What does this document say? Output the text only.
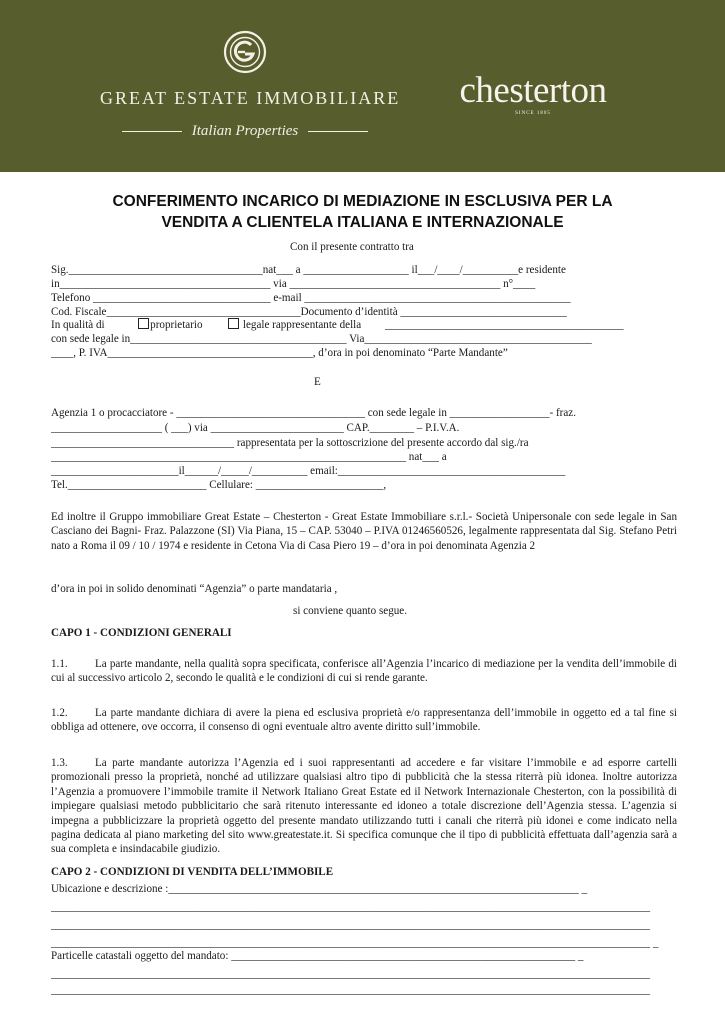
GREAT ESTATE IMMOBILIARE
Italian Properties
chesterton
SINCE 1805
CONFERIMENTO INCARICO DI MEDIAZIONE IN ESCLUSIVA PER LA
VENDITA A CLIENTELA ITALIANA E INTERNAZIONALE
Con il presente contratto tra
Sig.___________________________________nat___ a ___________________ il___/____/__________e residente
in______________________________________ via ______________________________________ n°____
Telefono ________________________________ e-mail ________________________________________________
Cod. Fiscale___________________________________Documento d’identità ______________________________
In qualità di	proprietario	legale rappresentante della ___________________________________________
con sede legale in_______________________________________ Via_________________________________________
____, P. IVA_____________________________________, d’ora in poi denominato “Parte Mandante”
E
Agenzia 1 o procacciatore - __________________________________ con sede legale in __________________- fraz.
____________________ ( ___) via ________________________ CAP.________ – P.I.V.A.
_________________________________ rappresentata per la sottoscrizione del presente accordo dal sig./ra
________________________________________________________________ nat___ a
_______________________il______/_____/__________ email:_________________________________________
Tel._________________________ Cellulare: _______________________,
Ed inoltre il Gruppo immobiliare Great Estate – Chesterton - Great Estate Immobiliare s.r.l.- Società Unipersonale con sede legale in San Casciano dei Bagni- Fraz. Palazzone (SI) Via Piana, 15 – CAP. 53040 – P.IVA 01246560526, legalmente rappresentata dal Sig. Stefano Petri nato a Roma il 09 / 10 / 1974 e residente in Cetona Via di Casa Piero 19 – d’ora in poi denominata Agenzia 2
d’ora in poi in solido denominati “Agenzia” o parte mandataria ,
si conviene quanto segue.
CAPO 1 - CONDIZIONI GENERALI
1.1. La parte mandante, nella qualità sopra specificata, conferisce all’Agenzia l’incarico di mediazione per la vendita dell’immobile di cui al successivo articolo 2, secondo le qualità e le condizioni di cui si rende garante.
1.2. La parte mandante dichiara di avere la piena ed esclusiva proprietà e/o rappresentanza dell’immobile in oggetto ed a tal fine si obbliga ad ottenere, ove occorra, il consenso di ogni eventuale altro avente diritto sull’immobile.
1.3. La parte mandante autorizza l’Agenzia ed i suoi rappresentanti ad accedere e far visitare l’immobile e ad esporre cartelli promozionali presso la proprietà, nonché ad utilizzare qualsiasi altro tipo di pubblicità che la stessa riterrà più idonea. Inoltre autorizza l’Agenzia a promuovere l’immobile tramite il Network Italiano Great Estate ed il Network Internazionale Chesterton, con la possibilità di impiegare qualsiasi metodo pubblicitario che sarà ritenuto interessante ed idoneo a totale discrezione dell’Agenzia stessa. L’agenzia si impegna a pubblicizzare la proprietà oggetto del presente mandato utilizzando tutti i canali che riterrà più idonei e come indicato nella pagina dedicata al piano marketing del sito www.greatestate.it. Si specifica comunque che il tipo di pubblicità effettuata dall’agenzia sarà a sua completa e insindacabile giudizio.
CAPO 2 - CONDIZIONI DI VENDITA DELL’IMMOBILE
Ubicazione e descrizione :__________________________________________________________________________ _
____________________________________________________________________________________________________________
____________________________________________________________________________________________________________
____________________________________________________________________________________________________________ _
Particelle catastali oggetto del mandato: ______________________________________________________________ _
____________________________________________________________________________________________________________
____________________________________________________________________________________________________________
